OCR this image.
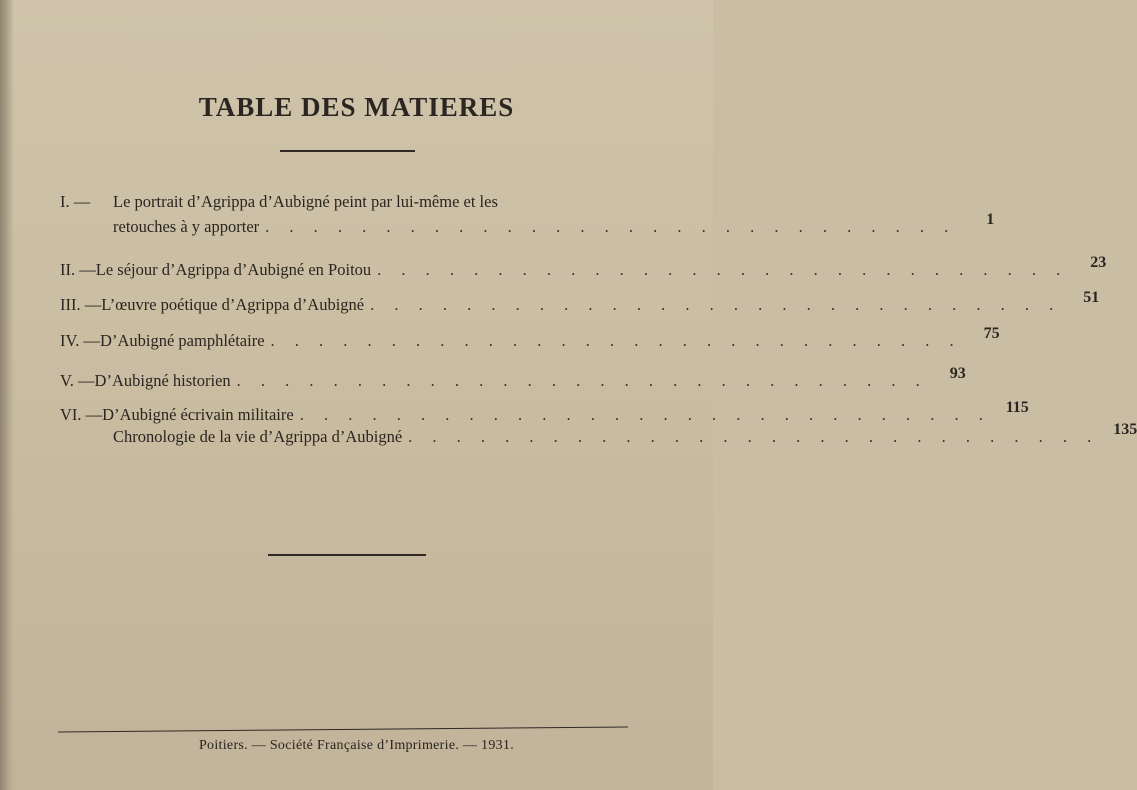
TABLE DES MATIERES
I. —	Le portrait d’Agrippa d’Aubigné peint par lui-même et les
retouches à y apporter . . . . . . . . . . . . . . . . . . . . . . . . . . . . .	1
II. — Le séjour d’Agrippa d’Aubigné en Poitou . . . . . . . . . . . . . . . . . . . . . . . . . . . . .	23
III. — L’œuvre poétique d’Agrippa d’Aubigné . . . . . . . . . . . . . . . . . . . . . . . . . . . . .	51
IV. — D’Aubigné pamphlétaire . . . . . . . . . . . . . . . . . . . . . . . . . . . . .	75
V. — D’Aubigné historien . . . . . . . . . . . . . . . . . . . . . . . . . . . . .	93
VI. — D’Aubigné écrivain militaire . . . . . . . . . . . . . . . . . . . . . . . . . . . . . 115
Chronologie de la vie d’Agrippa d’Aubigné . . . . . . . . . . . . . . . . . . . . . . . . . . . . . 135
Poitiers. — Société Française d’Imprimerie. — 1931.
